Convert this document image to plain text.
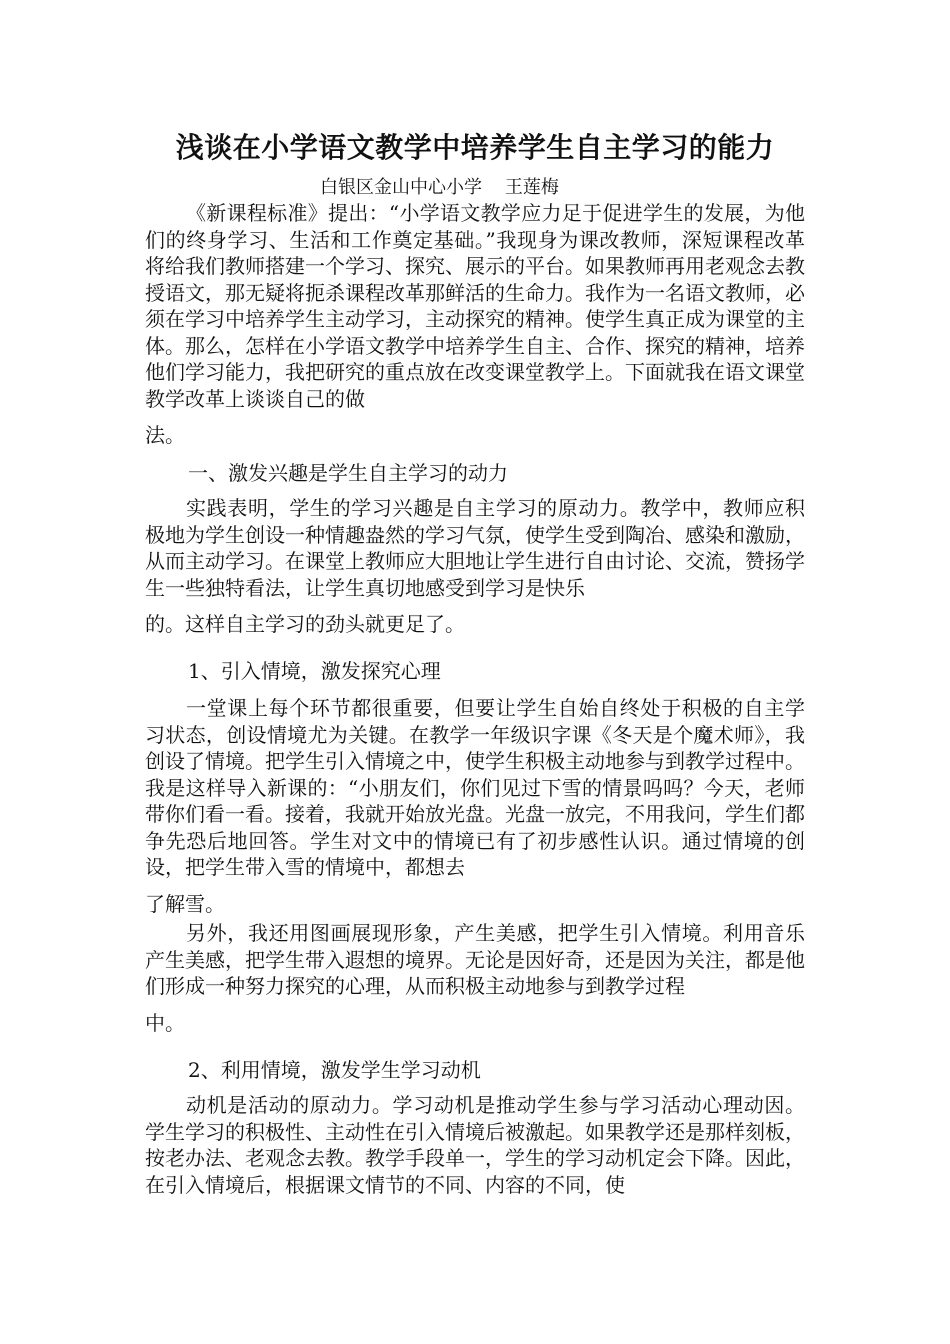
浅谈在小学语文教学中培养学生自主学习的能力
白银区金山中心小学    王莲梅

《新课程标准》提出：“小学语文教学应力足于促进学生的发展，为他们的终身学习、生活和工作奠定基础。”我现身为课改教师，深短课程改革将给我们教师搭建一个学习、探究、展示的平台。如果教师再用老观念去教授语文，那无疑将扼杀课程改革那鲜活的生命力。我作为一名语文教师，必须在学习中培养学生主动学习，主动探究的精神。使学生真正成为课堂的主体。那么，怎样在小学语文教学中培养学生自主、合作、探究的精神，培养他们学习能力，我把研究的重点放在改变课堂教学上。下面就我在语文课堂教学改革上谈谈自己的做
法。

一、激发兴趣是学生自主学习的动力

实践表明，学生的学习兴趣是自主学习的原动力。教学中，教师应积极地为学生创设一种情趣盎然的学习气氛，使学生受到陶冶、感染和激励，从而主动学习。在课堂上教师应大胆地让学生进行自由讨论、交流，赞扬学生一些独特看法，让学生真切地感受到学习是快乐
的。这样自主学习的劲头就更足了。

1、引入情境，激发探究心理

一堂课上每个环节都很重要，但要让学生自始自终处于积极的自主学习状态，创设情境尤为关键。在教学一年级识字课《冬天是个魔术师》，我创设了情境。把学生引入情境之中，使学生积极主动地参与到教学过程中。我是这样导入新课的：“小朋友们，你们见过下雪的情景吗吗？今天，老师带你们看一看。接着，我就开始放光盘。光盘一放完，不用我问，学生们都争先恐后地回答。学生对文中的情境已有了初步感性认识。通过情境的创设，把学生带入雪的情境中，都想去
了解雪。

另外，我还用图画展现形象，产生美感，把学生引入情境。利用音乐产生美感，把学生带入遐想的境界。无论是因好奇，还是因为关注，都是他们形成一种努力探究的心理，从而积极主动地参与到教学过程
中。

2、利用情境，激发学生学习动机

动机是活动的原动力。学习动机是推动学生参与学习活动心理动因。学生学习的积极性、主动性在引入情境后被激起。如果教学还是那样刻板，按老办法、老观念去教。教学手段单一，学生的学习动机定会下降。因此，在引入情境后，根据课文情节的不同、内容的不同，使
